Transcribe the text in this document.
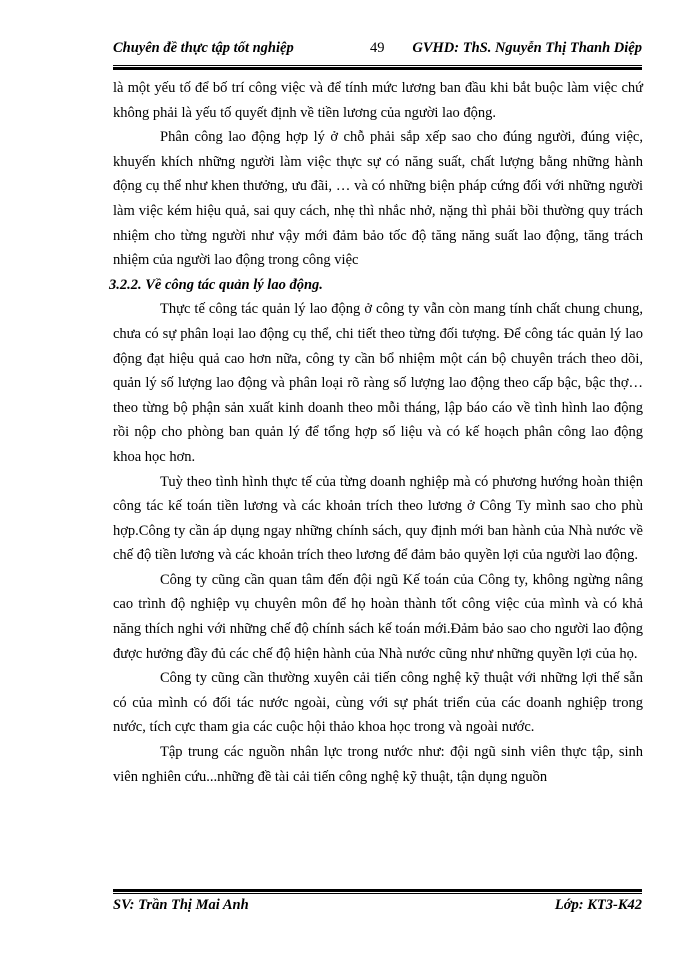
Chuyên đề thực tập tốt nghiệp	49 GVHD: ThS. Nguyễn Thị Thanh Diệp

là một yếu tố để bố trí công việc và để tính mức lương ban đầu khi bắt buộc làm việc chứ không phải là yếu tố quyết định về tiền lương của người lao động.

Phân công lao động hợp lý ở chỗ phải sắp xếp sao cho đúng người, đúng việc, khuyến khích những người làm việc thực sự có năng suất, chất lượng bằng những hành động cụ thể như khen thưởng, ưu đãi, … và có những biện pháp cứng đối với những người làm việc kém hiệu quả, sai quy cách, nhẹ thì nhắc nhở, nặng thì phải bồi thường quy trách nhiệm cho từng người như vậy mới đảm bảo tốc độ tăng năng suất lao động, tăng trách nhiệm của người lao động trong công việc

3.2.2. Về công tác quản lý lao động.

Thực tế công tác quản lý lao động ở công ty vẫn còn mang tính chất chung chung, chưa có sự phân loại lao động cụ thể, chi tiết theo từng đối tượng. Để công tác quản lý lao động đạt hiệu quả cao hơn nữa, công ty cần bổ nhiệm một cán bộ chuyên trách theo dõi, quản lý số lượng lao động và phân loại rõ ràng số lượng lao động theo cấp bậc, bậc thợ… theo từng bộ phận sản xuất kinh doanh theo mỗi tháng, lập báo cáo về tình hình lao động rồi nộp cho phòng ban quản lý để tổng hợp số liệu và có kế hoạch phân công lao động khoa học hơn.

Tuỳ theo tình hình thực tế của từng doanh nghiệp mà có phương hướng hoàn thiện công tác kế toán tiền lương và các khoản trích theo lương ở Công Ty mình sao cho phù hợp.Công ty cần áp dụng ngay những chính sách, quy định mới ban hành của Nhà nước về chế độ tiền lương và các khoản trích theo lương để đảm bảo quyền lợi của người lao động.

Công ty cũng cần quan tâm đến đội ngũ Kế toán của Công ty, không ngừng nâng cao trình độ nghiệp vụ chuyên môn để họ hoàn thành tốt công việc của mình và có khả năng thích nghi với những chế độ chính sách kế toán mới.Đảm bảo sao cho người lao động được hưởng đầy đủ các chế độ hiện hành của Nhà nước cũng như những quyền lợi của họ.

Công ty cũng cần thường xuyên cải tiến công nghệ kỹ thuật với những lợi thế sẵn có của mình có đối tác nước ngoài, cùng với sự phát triển của các doanh nghiệp trong nước, tích cực tham gia các cuộc hội thảo khoa học trong và ngoài nước.

Tập trung các nguồn nhân lực trong nước như: đội ngũ sinh viên thực tập, sinh viên nghiên cứu...những đề tài cải tiến công nghệ kỹ thuật, tận dụng nguồn

SV: Trần Thị Mai Anh	Lớp: KT3-K42
